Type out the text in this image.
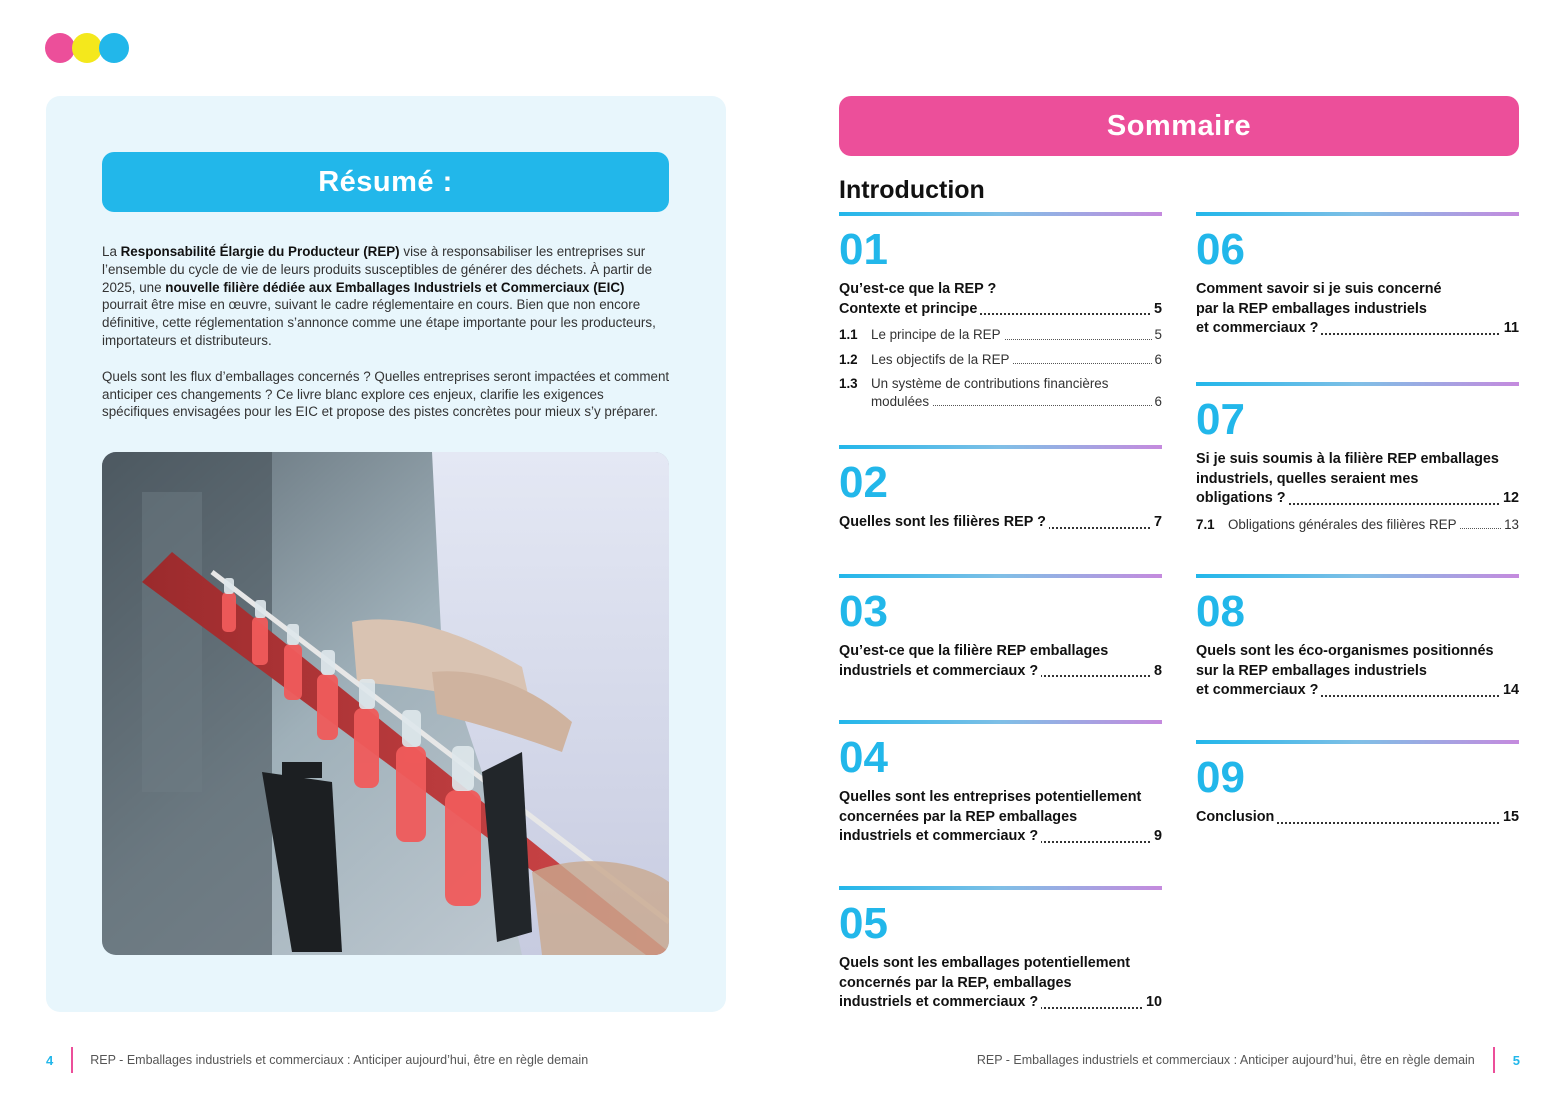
Résumé :

La Responsabilité Élargie du Producteur (REP) vise à responsabiliser les entreprises sur l’ensemble du cycle de vie de leurs produits susceptibles de générer des déchets. À partir de 2025, une nouvelle filière dédiée aux Emballages Industriels et Commerciaux (EIC) pourrait être mise en œuvre, suivant le cadre réglementaire en cours. Bien que non encore définitive, cette réglementation s’annonce comme une étape importante pour les producteurs, importateurs et distributeurs.

Quels sont les flux d’emballages concernés ? Quelles entreprises seront impactées et comment anticiper ces changements ? Ce livre blanc explore ces enjeux, clarifie les exigences spécifiques envisagées pour les EIC et propose des pistes concrètes pour mieux s’y préparer.

Sommaire
Introduction
01
Qu’est-ce que la REP ?
Contexte et principe	5
1.1 Le principe de la REP	5
1.2 Les objectifs de la REP	6
1.3 Un système de contributions financières
modulées	6
02
Quelles sont les filières REP ?	7
03
Qu’est-ce que la filière REP emballages
industriels et commerciaux ?	8
04
Quelles sont les entreprises potentiellement
concernées par la REP emballages
industriels et commerciaux ?	9
05
Quels sont les emballages potentiellement
concernés par la REP, emballages
industriels et commerciaux ?	10
06
Comment savoir si je suis concerné
par la REP emballages industriels
et commerciaux ?	11
07
Si je suis soumis à la filière REP emballages
industriels, quelles seraient mes
obligations ?	12
7.1 Obligations générales des filières REP	13
08
Quels sont les éco-organismes positionnés
sur la REP emballages industriels
et commerciaux ?	14
09
Conclusion	15
4	REP - Emballages industriels et commerciaux : Anticiper aujourd’hui, être en règle demain	REP - Emballages industriels et commerciaux : Anticiper aujourd’hui, être en règle demain	5
